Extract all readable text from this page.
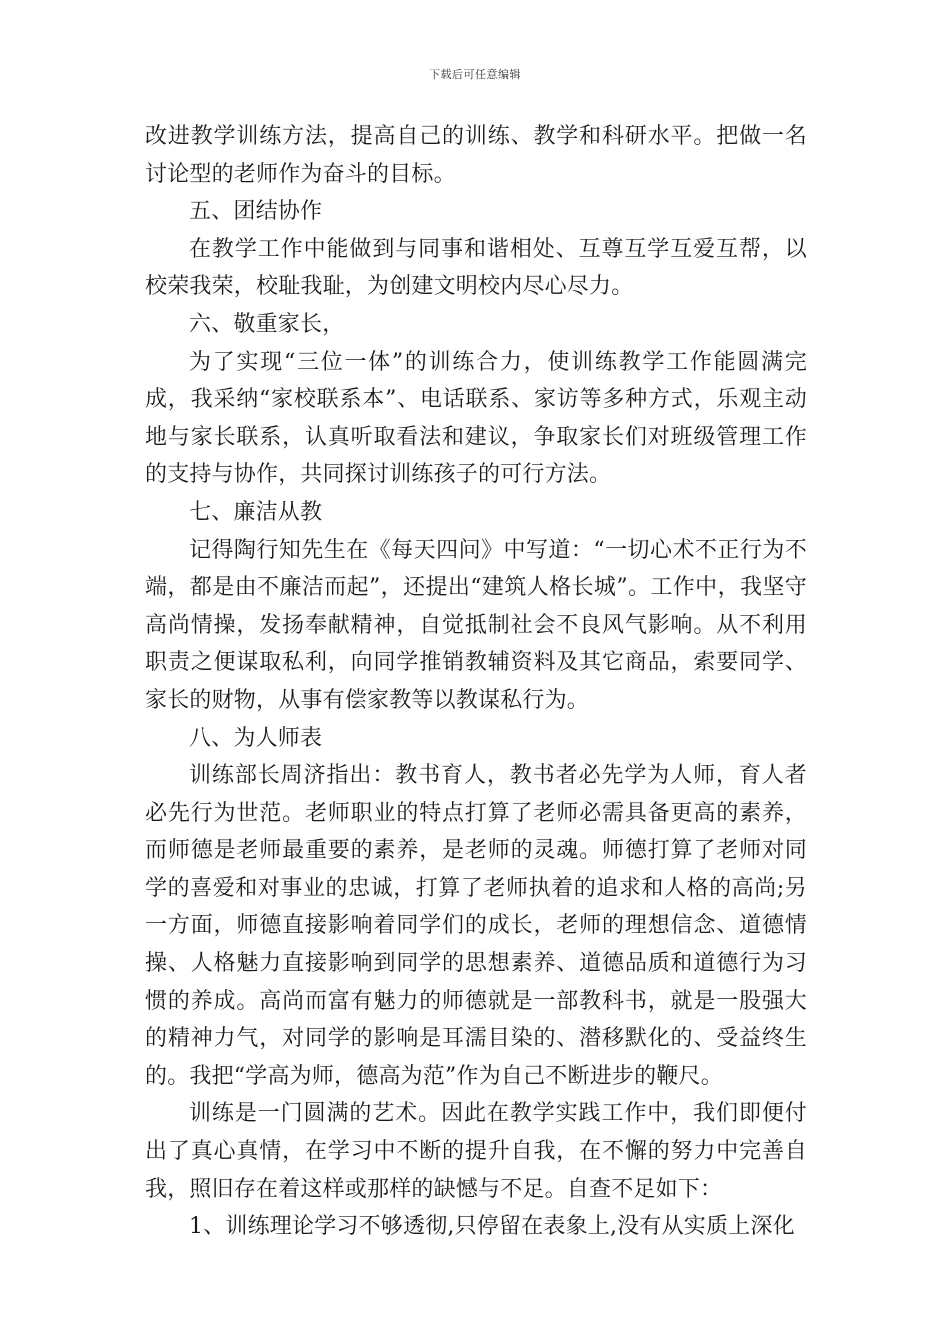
下载后可任意编辑

改进教学训练方法，提高自己的训练、教学和科研水平。把做一名讨论型的老师作为奋斗的目标。

五、团结协作

在教学工作中能做到与同事和谐相处、互尊互学互爱互帮，以校荣我荣，校耻我耻，为创建文明校内尽心尽力。

六、敬重家长，

为了实现“三位一体”的训练合力，使训练教学工作能圆满完成，我采纳“家校联系本”、电话联系、家访等多种方式，乐观主动地与家长联系，认真听取看法和建议，争取家长们对班级管理工作的支持与协作，共同探讨训练孩子的可行方法。

七、廉洁从教

记得陶行知先生在《每天四问》中写道：“一切心术不正行为不端，都是由不廉洁而起”，还提出“建筑人格长城”。工作中，我坚守高尚情操，发扬奉献精神，自觉抵制社会不良风气影响。从不利用职责之便谋取私利，向同学推销教辅资料及其它商品，索要同学、家长的财物，从事有偿家教等以教谋私行为。

八、为人师表

训练部长周济指出：教书育人，教书者必先学为人师，育人者必先行为世范。老师职业的特点打算了老师必需具备更高的素养，而师德是老师最重要的素养，是老师的灵魂。师德打算了老师对同学的喜爱和对事业的忠诚，打算了老师执着的追求和人格的高尚;另一方面，师德直接影响着同学们的成长，老师的理想信念、道德情操、人格魅力直接影响到同学的思想素养、道德品质和道德行为习惯的养成。高尚而富有魅力的师德就是一部教科书，就是一股强大的精神力气，对同学的影响是耳濡目染的、潜移默化的、受益终生的。我把“学高为师，德高为范”作为自己不断进步的鞭尺。

训练是一门圆满的艺术。因此在教学实践工作中，我们即便付出了真心真情，在学习中不断的提升自我，在不懈的努力中完善自我，照旧存在着这样或那样的缺憾与不足。自查不足如下：

1、训练理论学习不够透彻,只停留在表象上,没有从实质上深化
